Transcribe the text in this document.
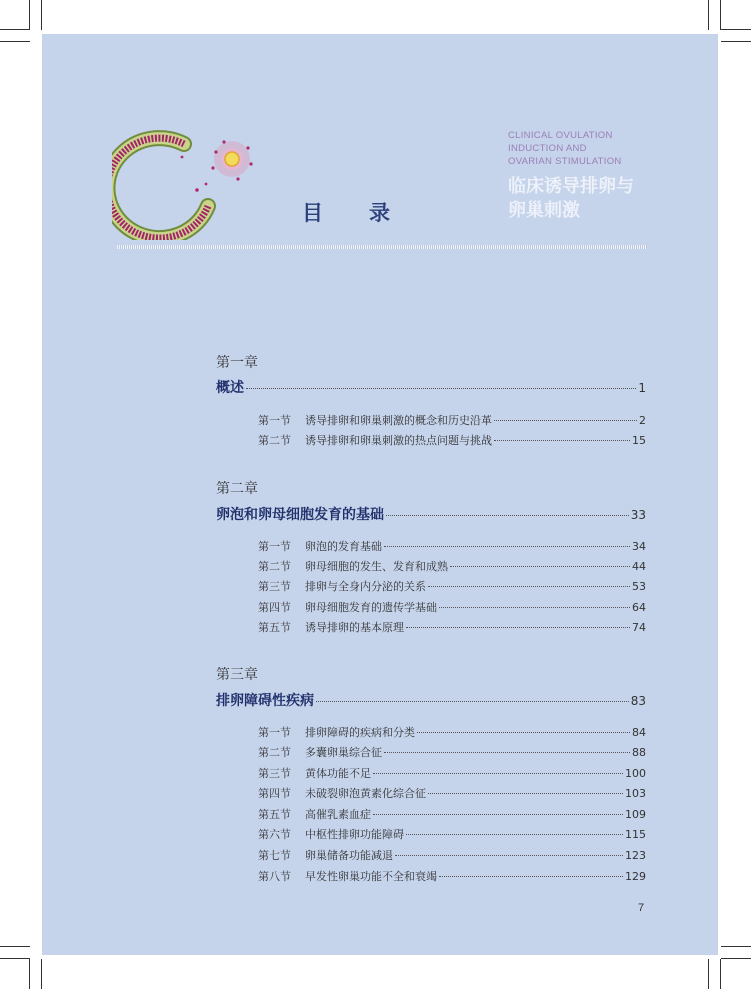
目 录
CLINICAL OVULATION
INDUCTION AND
OVARIAN STIMULATION
临床诱导排卵与
卵巢刺激
第一章
概述	1
第一节	诱导排卵和卵巢刺激的概念和历史沿革	2
第二节	诱导排卵和卵巢刺激的热点问题与挑战	15
第二章
卵泡和卵母细胞发育的基础	33
第一节	卵泡的发育基础	34
第二节	卵母细胞的发生、发育和成熟	44
第三节	排卵与全身内分泌的关系	53
第四节	卵母细胞发育的遗传学基础	64
第五节	诱导排卵的基本原理	74
第三章
排卵障碍性疾病	83
第一节	排卵障碍的疾病和分类	84
第二节	多囊卵巢综合征	88
第三节	黄体功能不足	100
第四节	未破裂卵泡黄素化综合征	103
第五节	高催乳素血症	109
第六节	中枢性排卵功能障碍	115
第七节	卵巢储备功能减退	123
第八节	早发性卵巢功能不全和衰竭	129
7
